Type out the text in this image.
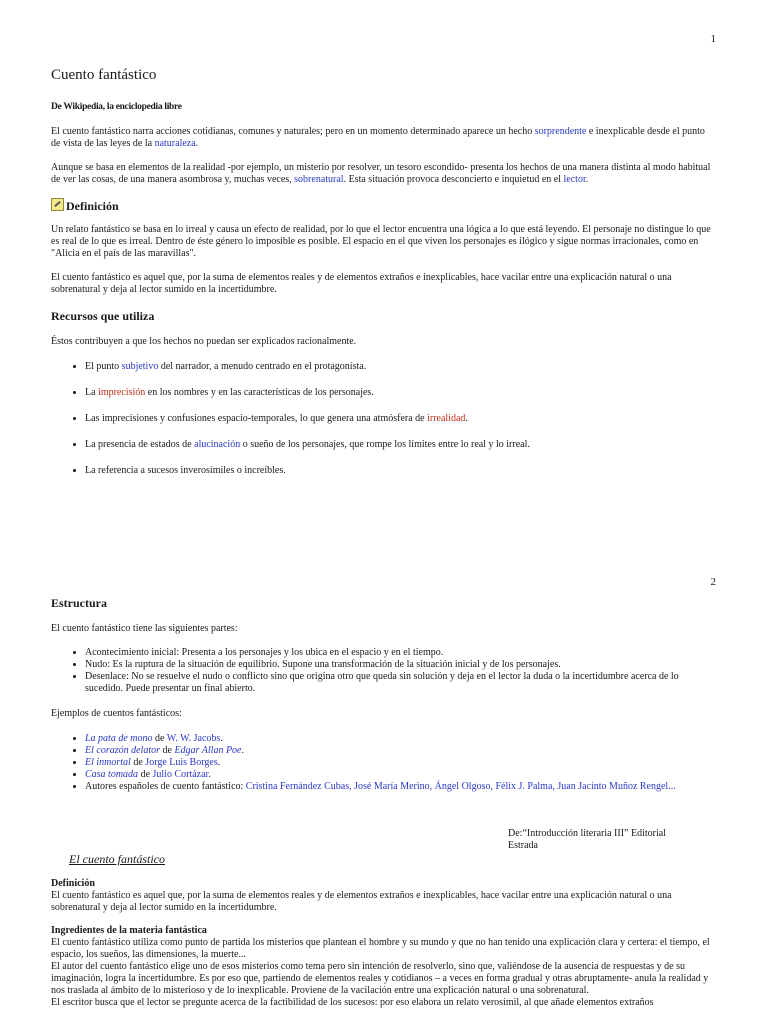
1
Cuento fantástico

De Wikipedia, la enciclopedia libre

El cuento fantástico narra acciones cotidianas, comunes y naturales; pero en un momento determinado aparece un hecho sorprendente e inexplicable desde el punto de vista de las leyes de la naturaleza.

Aunque se basa en elementos de la realidad -por ejemplo, un misterio por resolver, un tesoro escondido- presenta los hechos de una manera distinta al modo habitual de ver las cosas, de una manera asombrosa y, muchas veces, sobrenatural. Esta situación provoca desconcierto e inquietud en el lector.

Definición

Un relato fantástico se basa en lo irreal y causa un efecto de realidad, por lo que el lector encuentra una lógica a lo que está leyendo. El personaje no distingue lo que es real de lo que es irreal. Dentro de éste género lo imposible es posible. El espacio en el que viven los personajes es ilógico y sigue normas irracionales, como en "Alicia en el país de las maravillas".

El cuento fantástico es aquel que, por la suma de elementos reales y de elementos extraños e inexplicables, hace vacilar entre una explicación natural o una sobrenatural y deja al lector sumido en la incertidumbre.

Recursos que utiliza

Éstos contribuyen a que los hechos no puedan ser explicados racionalmente.

• El punto subjetivo del narrador, a menudo centrado en el protagonista.
• La imprecisión en los nombres y en las características de los personajes.
• Las imprecisiones y confusiones espacio-temporales, lo que genera una atmósfera de irrealidad.
• La presencia de estados de alucinación o sueño de los personajes, que rompe los límites entre lo real y lo irreal.
• La referencia a sucesos inverosímiles o increíbles.
2
Estructura

El cuento fantástico tiene las siguientes partes:

• Acontecimiento inicial: Presenta a los personajes y los ubica en el espacio y en el tiempo.
• Nudo: Es la ruptura de la situación de equilibrio. Supone una transformación de la situación inicial y de los personajes.
• Desenlace: No se resuelve el nudo o conflicto sino que origina otro que queda sin solución y deja en el lector la duda o la incertidumbre acerca de lo sucedido. Puede presentar un final abierto.

Ejemplos de cuentos fantásticos:

• La pata de mono de W. W. Jacobs.
• El corazón delator de Edgar Allan Poe.
• El inmortal de Jorge Luis Borges.
• Casa tomada de Julio Cortázar.
• Autores españoles de cuento fantástico: Cristina Fernández Cubas, José María Merino, Ángel Olgoso, Félix J. Palma, Juan Jacinto Muñoz Rengel...
De:“Introducción literaria III” Editorial Estrada

El cuento fantástico

Definición

El cuento fantástico es aquel que, por la suma de elementos reales y de elementos extraños e inexplicables, hace vacilar entre una explicación natural o una sobrenatural y deja al lector sumido en la incertidumbre.

Ingredientes de la materia fantástica

El cuento fantástico utiliza como punto de partida los misterios que plantean el hombre y su mundo y que no han tenido una explicación clara y certera: el tiempo, el espacio, los sueños, las dimensiones, la muerte...

El autor del cuento fantástico elige uno de esos misterios como tema pero sin intención de resolverlo, sino que, valiéndose de la ausencia de respuestas y de su imaginación, logra la incertidumbre. Es por eso que, partiendo de elementos reales y cotidianos – a veces en forma gradual y otras abruptamente- anula la realidad y nos traslada al ámbito de lo misterioso y de lo inexplicable. Proviene de la vacilación entre una explicación natural o una sobrenatural.

El escritor busca que el lector se pregunte acerca de la factibilidad de los sucesos: por eso elabora un relato verosímil, al que añade elementos extraños
